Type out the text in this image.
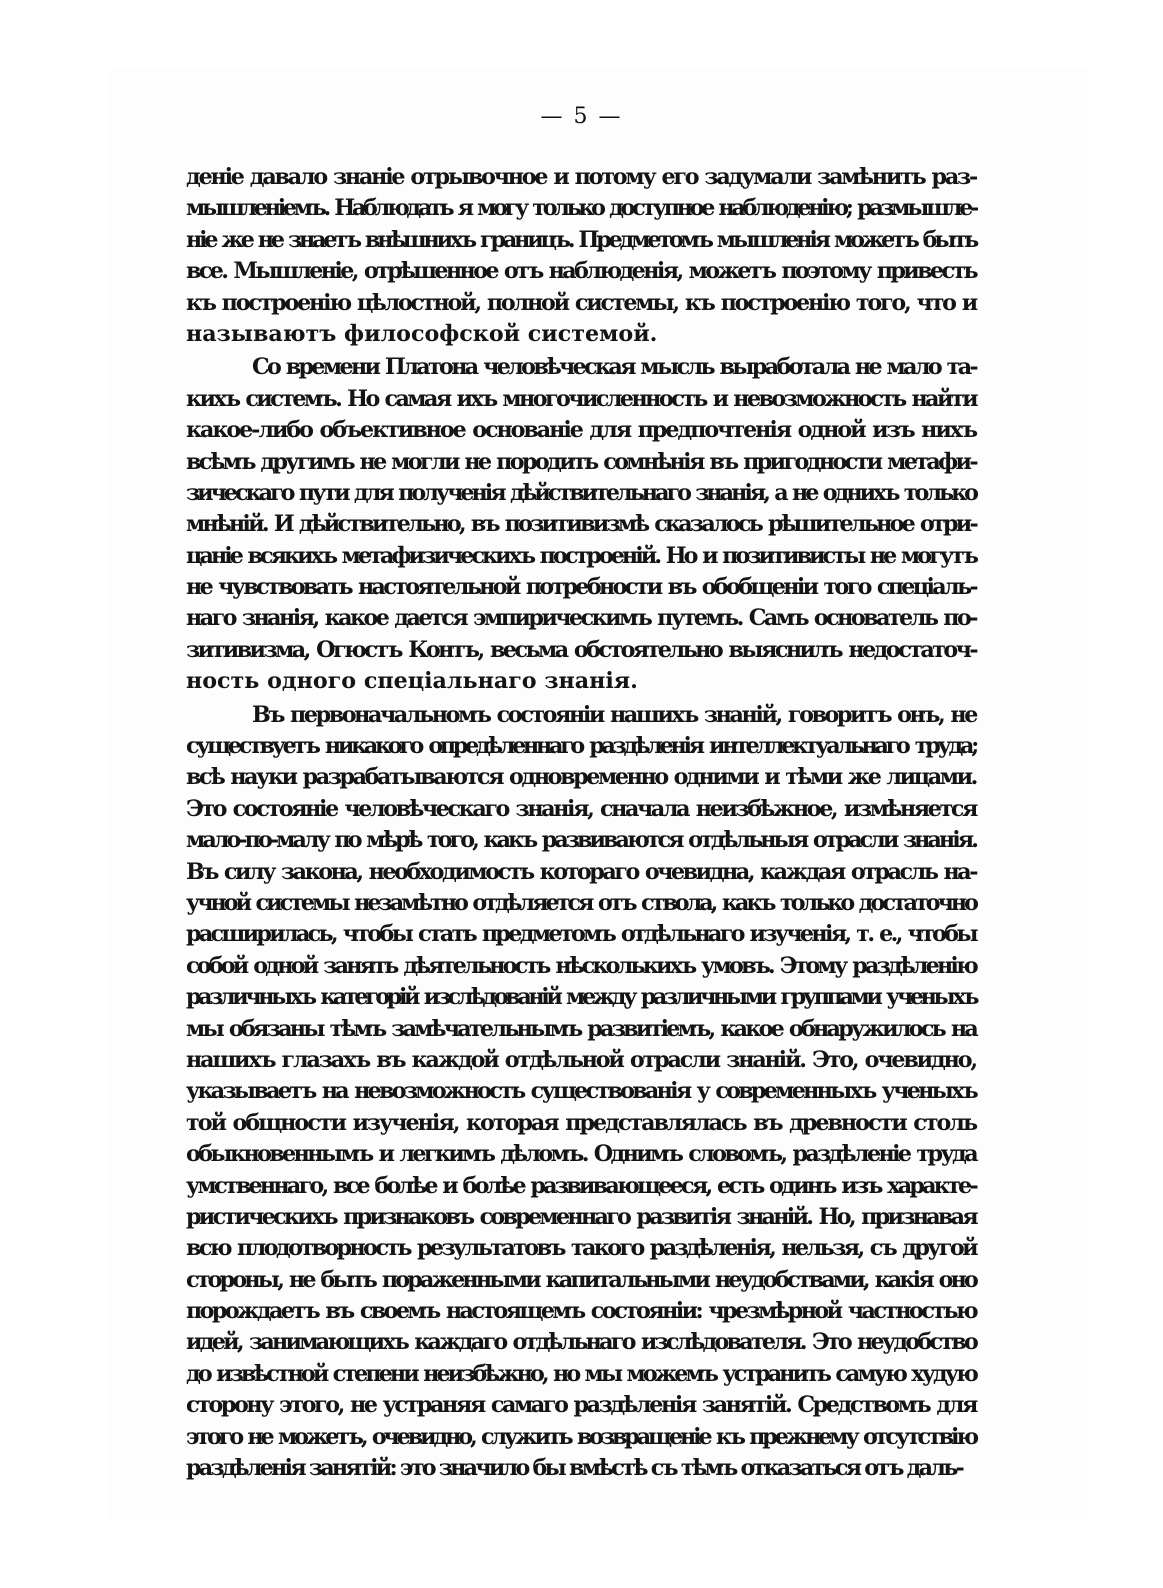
— 5 —
деніе давало знаніе отрывочное и потому его задумали замѣнить раз-
мышленіемъ. Наблюдать я могу только доступное наблюденію; размышле-
ніе же не знаетъ внѣшнихъ границъ. Предметомъ мышленія можетъ быть
все. Мышленіе, отрѣшенное отъ наблюденія, можетъ поэтому привесть
къ построенію цѣлостной, полной системы, къ построенію того, что и
называютъ философской системой.
Со времени Платона человѣческая мысль выработала не мало та-
кихъ системъ. Но самая ихъ многочисленность и невозможность найти
какое-либо объективное основаніе для предпочтенія одной изъ нихъ
всѣмъ другимъ не могли не породить сомнѣнія въ пригодности метафи-
зическаго пути для полученія дѣйствительнаго знанія, а не однихъ только
мнѣній. И дѣйствительно, въ позитивизмѣ сказалось рѣшительное отри-
цаніе всякихъ метафизическихъ построеній. Но и позитивисты не могутъ
не чувствовать настоятельной потребности въ обобщеніи того спеціаль-
наго знанія, какое дается эмпирическимъ путемъ. Самъ основатель по-
зитивизма, Огюстъ Контъ, весьма обстоятельно выяснилъ недостаточ-
ность одного спеціальнаго знанія.
Въ первоначальномъ состояніи нашихъ знаній, говоритъ онъ, не
существуетъ никакого опредѣленнаго раздѣленія интеллектуальнаго труда;
всѣ науки разрабатываются одновременно одними и тѣми же лицами.
Это состояніе человѣческаго знанія, сначала неизбѣжное, измѣняется
мало-по-малу по мѣрѣ того, какъ развиваются отдѣльныя отрасли знанія.
Въ силу закона, необходимость котораго очевидна, каждая отрасль на-
учной системы незамѣтно отдѣляется отъ ствола, какъ только достаточно
расширилась, чтобы стать предметомъ отдѣльнаго изученія, т. е., чтобы
собой одной занять дѣятельность нѣсколькихъ умовъ. Этому раздѣленію
различныхъ категорій изслѣдованій между различными группами ученыхъ
мы обязаны тѣмъ замѣчательнымъ развитіемъ, какое обнаружилось на
нашихъ глазахъ въ каждой отдѣльной отрасли знаній. Это, очевидно,
указываетъ на невозможность существованія у современныхъ ученыхъ
той общности изученія, которая представлялась въ древности столь
обыкновеннымъ и легкимъ дѣломъ. Однимъ словомъ, раздѣленіе труда
умственнаго, все болѣе и болѣе развивающееся, есть одинъ изъ характе-
ристическихъ признаковъ современнаго развитія знаній. Но, признавая
всю плодотворность результатовъ такого раздѣленія, нельзя, съ другой
стороны, не быть пораженными капитальными неудобствами, какія оно
порождаетъ въ своемъ настоящемъ состояніи: чрезмѣрной частностью
идей, занимающихъ каждаго отдѣльнаго изслѣдователя. Это неудобство
до извѣстной степени неизбѣжно, но мы можемъ устранить самую худую
сторону этого, не устраняя самаго раздѣленія занятій. Средствомъ для
этого не можетъ, очевидно, служить возвращеніе къ прежнему отсутствію
раздѣленія занятій: это значило бы вмѣстѣ съ тѣмъ отказаться отъ даль-
